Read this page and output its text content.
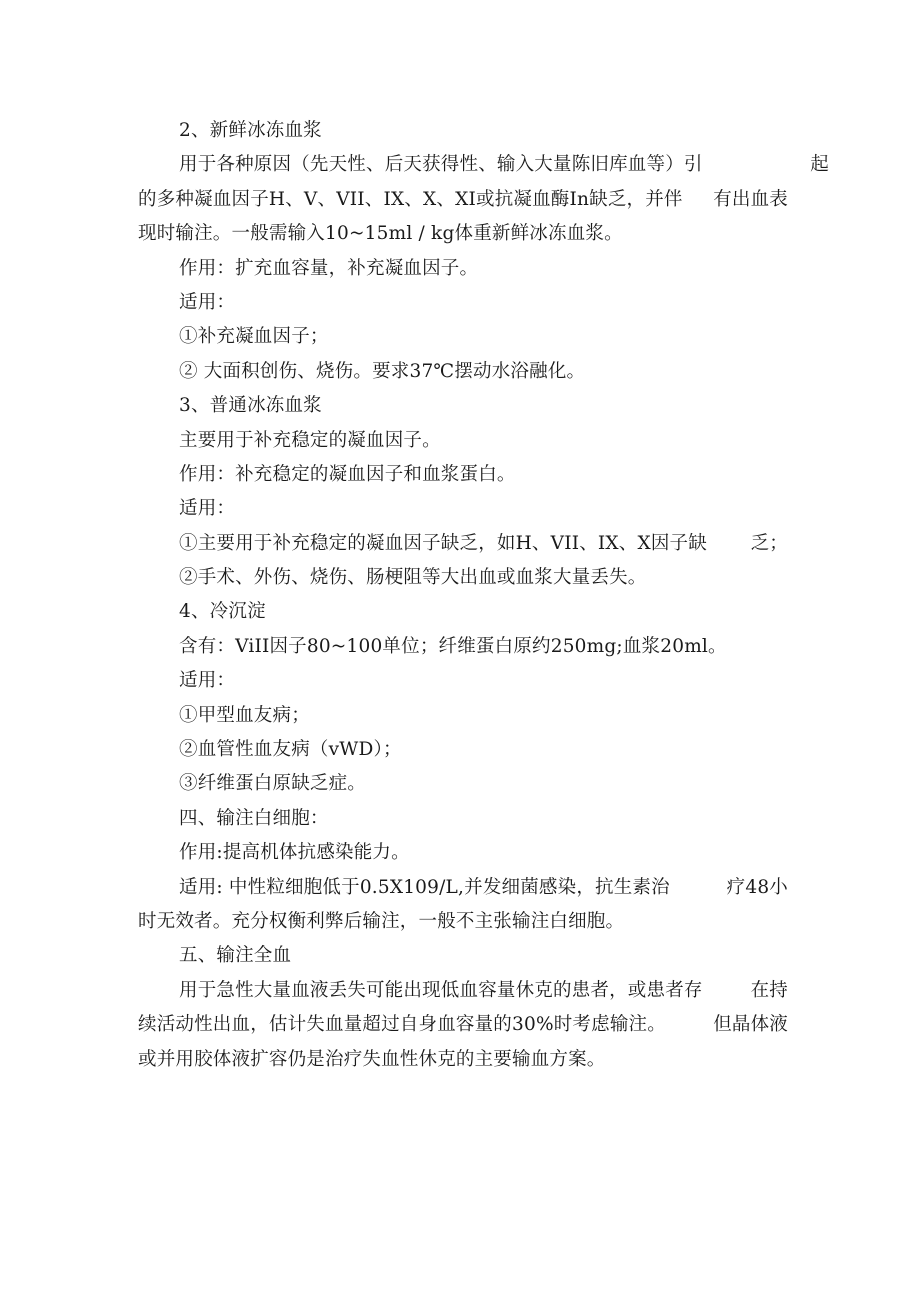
2、新鲜冰冻血浆
用于各种原因（先天性、后天获得性、输入大量陈旧库血等）引	起
的多种凝血因子H、V、VII、IX、X、XI或抗凝血酶In缺乏，并伴 有出血表
现时输注。一般需输入10~15ml / kg体重新鲜冰冻血浆。
作用：扩充血容量，补充凝血因子。
适用：
①补充凝血因子；
② 大面积创伤、烧伤。要求37℃摆动水浴融化。
3、普通冰冻血浆
主要用于补充稳定的凝血因子。
作用：补充稳定的凝血因子和血浆蛋白。
适用：
①主要用于补充稳定的凝血因子缺乏，如H、VII、IX、X因子缺 乏；
②手术、外伤、烧伤、肠梗阻等大出血或血浆大量丢失。
4、冷沉淀
含有：ViII因子80~100单位；纤维蛋白原约250mg;血浆20ml。
适用：
①甲型血友病；
②血管性血友病（vWD）；
③纤维蛋白原缺乏症。
四、输注白细胞：
作用:提高机体抗感染能力。
适用: 中性粒细胞低于0.5X109/L,并发细菌感染，抗生素治	疗48小
时无效者。充分权衡利弊后输注，一般不主张输注白细胞。
五、输注全血
用于急性大量血液丢失可能出现低血容量休克的患者，或患者存	在持
续活动性出血，估计失血量超过自身血容量的30%时考虑输注。	但晶体液
或并用胶体液扩容仍是治疗失血性休克的主要输血方案。
